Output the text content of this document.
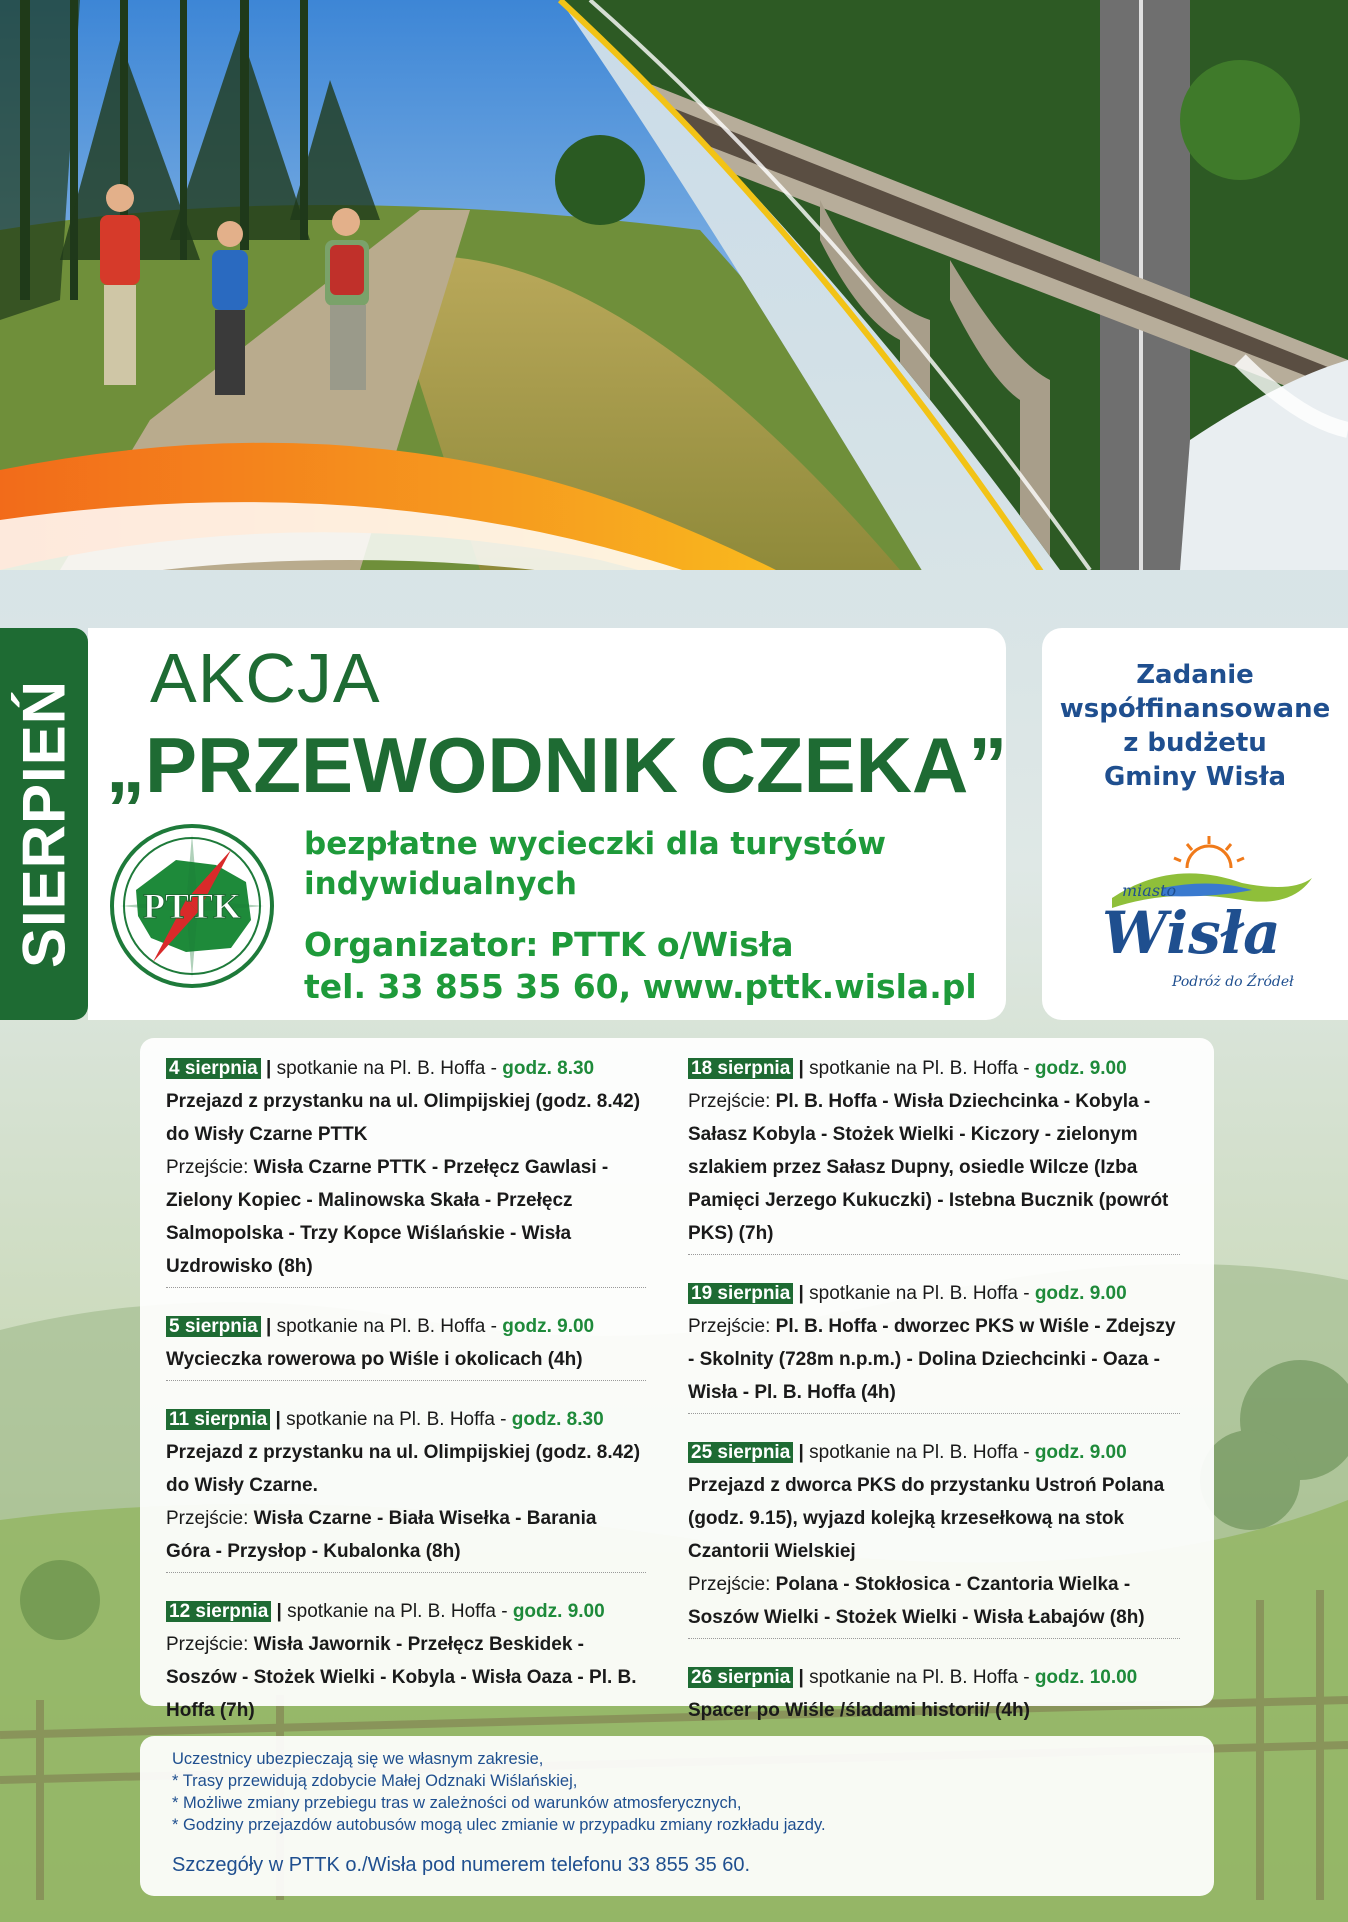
SIERPIEŃ
AKCJA
„PRZEWODNIK CZEKA”
PTTK
bezpłatne wycieczki dla turystów indywidualnych
Organizator: PTTK o/Wisła
tel. 33 855 35 60, www.pttk.wisla.pl
Zadanie
współfinansowane
z budżetu
Gminy Wisła
miasto
Wisła
Podróż do Źródeł
4 sierpnia | spotkanie na Pl. B. Hoffa - godz. 8.30
Przejazd z przystanku na ul. Olimpijskiej (godz. 8.42) do Wisły Czarne PTTK
Przejście: Wisła Czarne PTTK - Przełęcz Gawlasi - Zielony Kopiec - Malinowska Skała - Przełęcz Salmopolska - Trzy Kopce Wiślańskie - Wisła Uzdrowisko (8h)
5 sierpnia | spotkanie na Pl. B. Hoffa - godz. 9.00
Wycieczka rowerowa po Wiśle i okolicach (4h)
11 sierpnia | spotkanie na Pl. B. Hoffa - godz. 8.30
Przejazd z przystanku na ul. Olimpijskiej (godz. 8.42) do Wisły Czarne.
Przejście: Wisła Czarne - Biała Wisełka - Barania Góra - Przysłop - Kubalonka (8h)
12 sierpnia | spotkanie na Pl. B. Hoffa - godz. 9.00
Przejście: Wisła Jawornik - Przełęcz Beskidek - Soszów - Stożek Wielki - Kobyla - Wisła Oaza - Pl. B. Hoffa (7h)
18 sierpnia | spotkanie na Pl. B. Hoffa - godz. 9.00
Przejście: Pl. B. Hoffa - Wisła Dziechcinka - Kobyla - Sałasz Kobyla - Stożek Wielki - Kiczory - zielonym szlakiem przez Sałasz Dupny, osiedle Wilcze (Izba Pamięci Jerzego Kukuczki) - Istebna Bucznik (powrót PKS) (7h)
19 sierpnia | spotkanie na Pl. B. Hoffa - godz. 9.00
Przejście: Pl. B. Hoffa - dworzec PKS w Wiśle - Zdejszy - Skolnity (728m n.p.m.) - Dolina Dziechcinki - Oaza - Wisła - Pl. B. Hoffa (4h)
25 sierpnia | spotkanie na Pl. B. Hoffa - godz. 9.00
Przejazd z dworca PKS do przystanku Ustroń Polana (godz. 9.15), wyjazd kolejką krzesełkową na stok Czantorii Wielskiej
Przejście: Polana - Stokłosica - Czantoria Wielka - Soszów Wielki - Stożek Wielki - Wisła Łabajów (8h)
26 sierpnia | spotkanie na Pl. B. Hoffa - godz. 10.00
Spacer po Wiśle /śladami historii/ (4h)
Uczestnicy ubezpieczają się we własnym zakresie,
* Trasy przewidują zdobycie Małej Odznaki Wiślańskiej,
* Możliwe zmiany przebiegu tras w zależności od warunków atmosferycznych,
* Godziny przejazdów autobusów mogą ulec zmianie w przypadku zmiany rozkładu jazdy.
Szczegóły w PTTK o./Wisła pod numerem telefonu 33 855 35 60.
